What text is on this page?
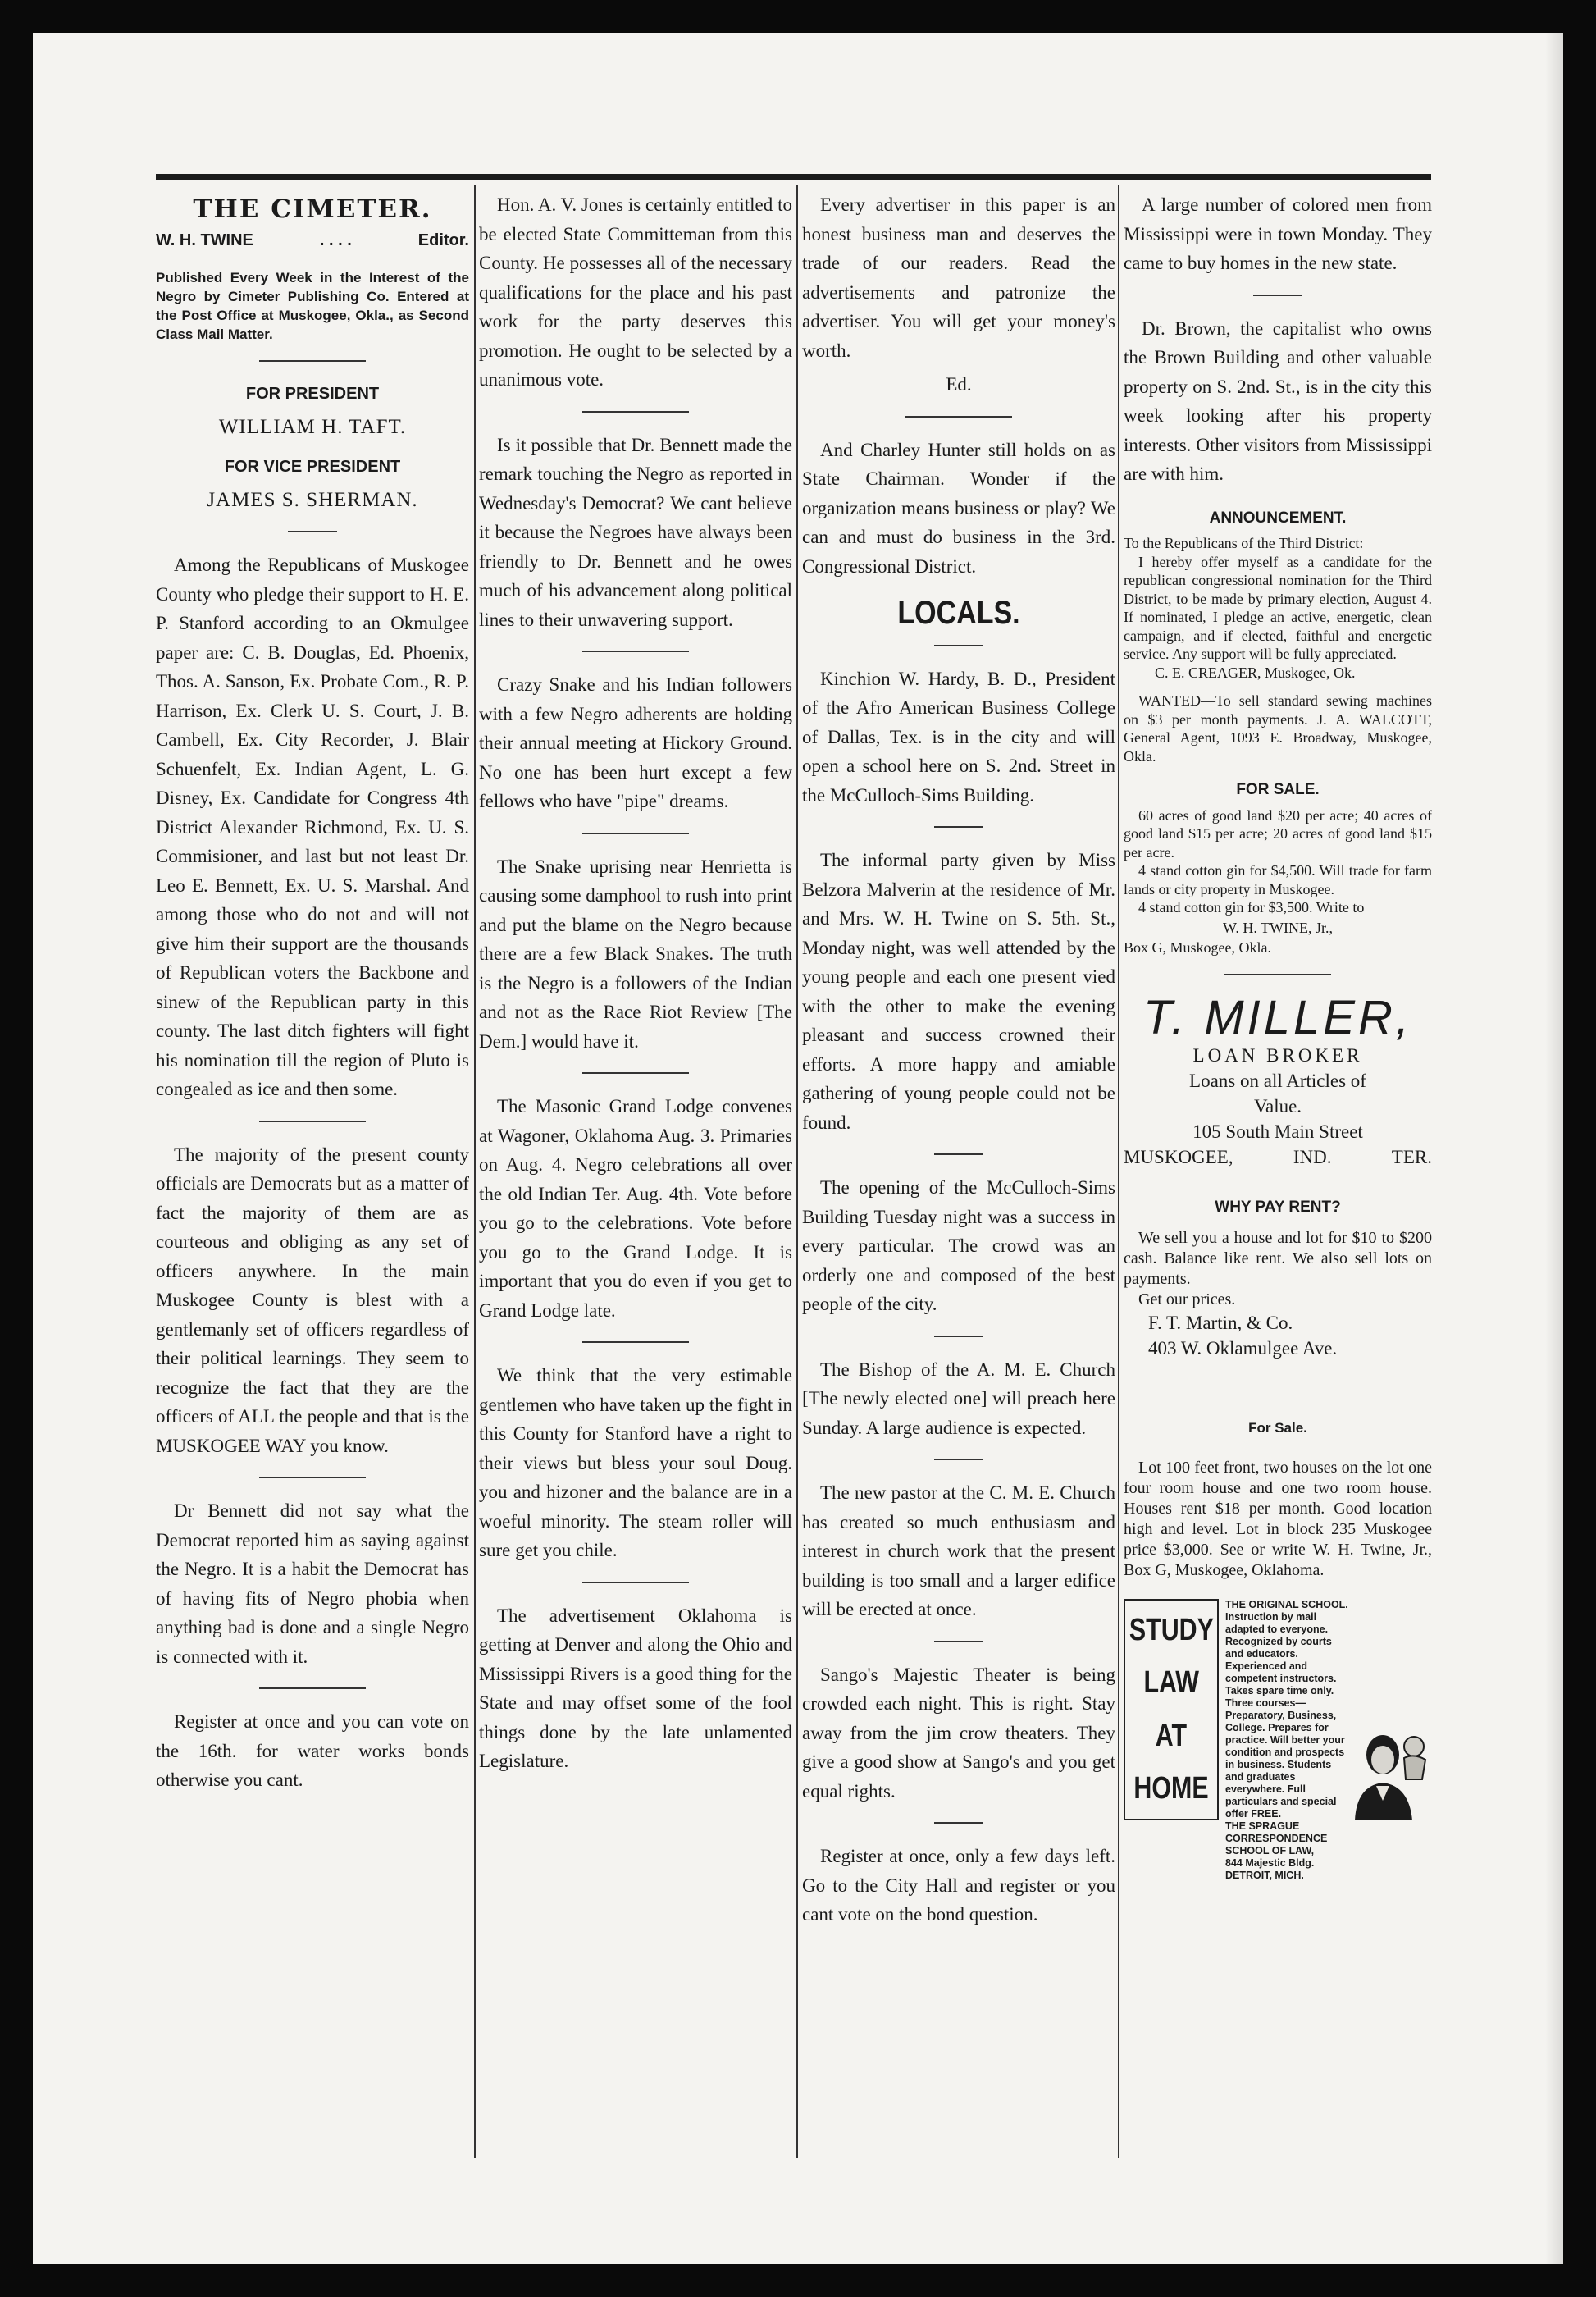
THE CIMETER.
W. H. TWINE	. . . .	Editor.

Published Every Week in the Interest of the Negro by Cimeter Publishing Co. Entered at the Post Office at Muskogee, Okla., as Second Class Mail Matter.

FOR PRESIDENT
WILLIAM H. TAFT.
FOR VICE PRESIDENT
JAMES S. SHERMAN.

Among the Republicans of Muskogee County who pledge their support to H. E. P. Stanford according to an Okmulgee paper are: C. B. Douglas, Ed. Phoenix, Thos. A. Sanson, Ex. Probate Com., R. P. Harrison, Ex. Clerk U. S. Court, J. B. Cambell, Ex. City Recorder, J. Blair Schuenfelt, Ex. Indian Agent, L. G. Disney, Ex. Candidate for Congress 4th District Alexander Richmond, Ex. U. S. Commisioner, and last but not least Dr. Leo E. Bennett, Ex. U. S. Marshal. And among those who do not and will not give him their support are the thousands of Republican voters the Backbone and sinew of the Republican party in this county. The last ditch fighters will fight his nomination till the region of Pluto is congealed as ice and then some.

The majority of the present county officials are Democrats but as a matter of fact the majority of them are as courteous and obliging as any set of officers anywhere. In the main Muskogee County is blest with a gentlemanly set of officers regardless of their political learnings. They seem to recognize the fact that they are the officers of ALL the people and that is the MUSKOGEE WAY you know.

Dr Bennett did not say what the Democrat reported him as saying against the Negro. It is a habit the Democrat has of having fits of Negro phobia when anything bad is done and a single Negro is connected with it.

Register at once and you can vote on the 16th. for water works bonds otherwise you cant.

Hon. A. V. Jones is certainly entitled to be elected State Committeman from this County. He possesses all of the necessary qualifications for the place and his past work for the party deserves this promotion. He ought to be selected by a unanimous vote.

Is it possible that Dr. Bennett made the remark touching the Negro as reported in Wednesday's Democrat? We cant believe it because the Negroes have always been friendly to Dr. Bennett and he owes much of his advancement along political lines to their unwavering support.

Crazy Snake and his Indian followers with a few Negro adherents are holding their annual meeting at Hickory Ground. No one has been hurt except a few fellows who have "pipe" dreams.

The Snake uprising near Henrietta is causing some damphool to rush into print and put the blame on the Negro because there are a few Black Snakes. The truth is the Negro is a followers of the Indian and not as the Race Riot Review [The Dem.] would have it.

The Masonic Grand Lodge convenes at Wagoner, Oklahoma Aug. 3. Primaries on Aug. 4. Negro celebrations all over the old Indian Ter. Aug. 4th. Vote before you go to the celebrations. Vote before you go to the Grand Lodge. It is important that you do even if you get to Grand Lodge late.

We think that the very estimable gentlemen who have taken up the fight in this County for Stanford have a right to their views but bless your soul Doug. you and hizoner and the balance are in a woeful minority. The steam roller will sure get you chile.

The advertisement Oklahoma is getting at Denver and along the Ohio and Mississippi Rivers is a good thing for the State and may offset some of the fool things done by the late unlamented Legislature.

Every advertiser in this paper is an honest business man and deserves the trade of our readers. Read the advertisements and patronize the advertiser. You will get your money's worth.

Ed.

And Charley Hunter still holds on as State Chairman. Wonder if the organization means business or play? We can and must do business in the 3rd. Congressional District.

LOCALS.

Kinchion W. Hardy, B. D., President of the Afro American Business College of Dallas, Tex. is in the city and will open a school here on S. 2nd. Street in the McCulloch-Sims Building.

The informal party given by Miss Belzora Malverin at the residence of Mr. and Mrs. W. H. Twine on S. 5th. St., Monday night, was well attended by the young people and each one present vied with the other to make the evening pleasant and success crowned their efforts. A more happy and amiable gathering of young people could not be found.

The opening of the McCulloch-Sims Building Tuesday night was a success in every particular. The crowd was an orderly one and composed of the best people of the city.

The Bishop of the A. M. E. Church [The newly elected one] will preach here Sunday. A large audience is expected.

The new pastor at the C. M. E. Church has created so much enthusiasm and interest in church work that the present building is too small and a larger edifice will be erected at once.

Sango's Majestic Theater is being crowded each night. This is right. Stay away from the jim crow theaters. They give a good show at Sango's and you get equal rights.

Register at once, only a few days left. Go to the City Hall and register or you cant vote on the bond question.

A large number of colored men from Mississippi were in town Monday. They came to buy homes in the new state.

Dr. Brown, the capitalist who owns the Brown Building and other valuable property on S. 2nd. St., is in the city this week looking after his property interests. Other visitors from Mississippi are with him.

ANNOUNCEMENT.

To the Republicans of the Third District:

I hereby offer myself as a candidate for the republican congressional nomination for the Third District, to be made by primary election, August 4. If nominated, I pledge an active, energetic, clean campaign, and if elected, faithful and energetic service. Any support will be fully appreciated.

C. E. CREAGER, Muskogee, Ok.

WANTED—To sell standard sewing machines on $3 per month payments. J. A. WALCOTT, General Agent, 1093 E. Broadway, Muskogee, Okla.

FOR SALE.

60 acres of good land $20 per acre; 40 acres of good land $15 per acre; 20 acres of good land $15 per acre.

4 stand cotton gin for $4,500. Will trade for farm lands or city property in Muskogee.

4 stand cotton gin for $3,500. Write to

W. H. TWINE, Jr.,

Box G, Muskogee, Okla.

T. MILLER,

LOAN BROKER

Loans on all Articles of

Value.

105 South Main Street

MUSKOGEE,	IND.	TER.
WHY PAY RENT?

We sell you a house and lot for $10 to $200 cash. Balance like rent. We also sell lots on payments.

Get our prices.

F. T. Martin, & Co.

403 W. Oklamulgee Ave.

For Sale.

Lot 100 feet front, two houses on the lot one four room house and one two room house. Houses rent $18 per month. Good location high and level. Lot in block 235 Muskogee price $3,000. See or write W. H. Twine, Jr., Box G, Muskogee, Oklahoma.

STUDY
LAW
AT
HOME
THE ORIGINAL SCHOOL. Instruction by mail adapted to everyone. Recognized by courts and educators. Experienced and competent instructors. Takes spare time only. Three courses—Preparatory, Business, College. Prepares for practice. Will better your condition and prospects in business. Students and graduates everywhere. Full particulars and special offer FREE.
THE SPRAGUE CORRESPONDENCE SCHOOL OF LAW,
844 Majestic Bldg. DETROIT, MICH.
